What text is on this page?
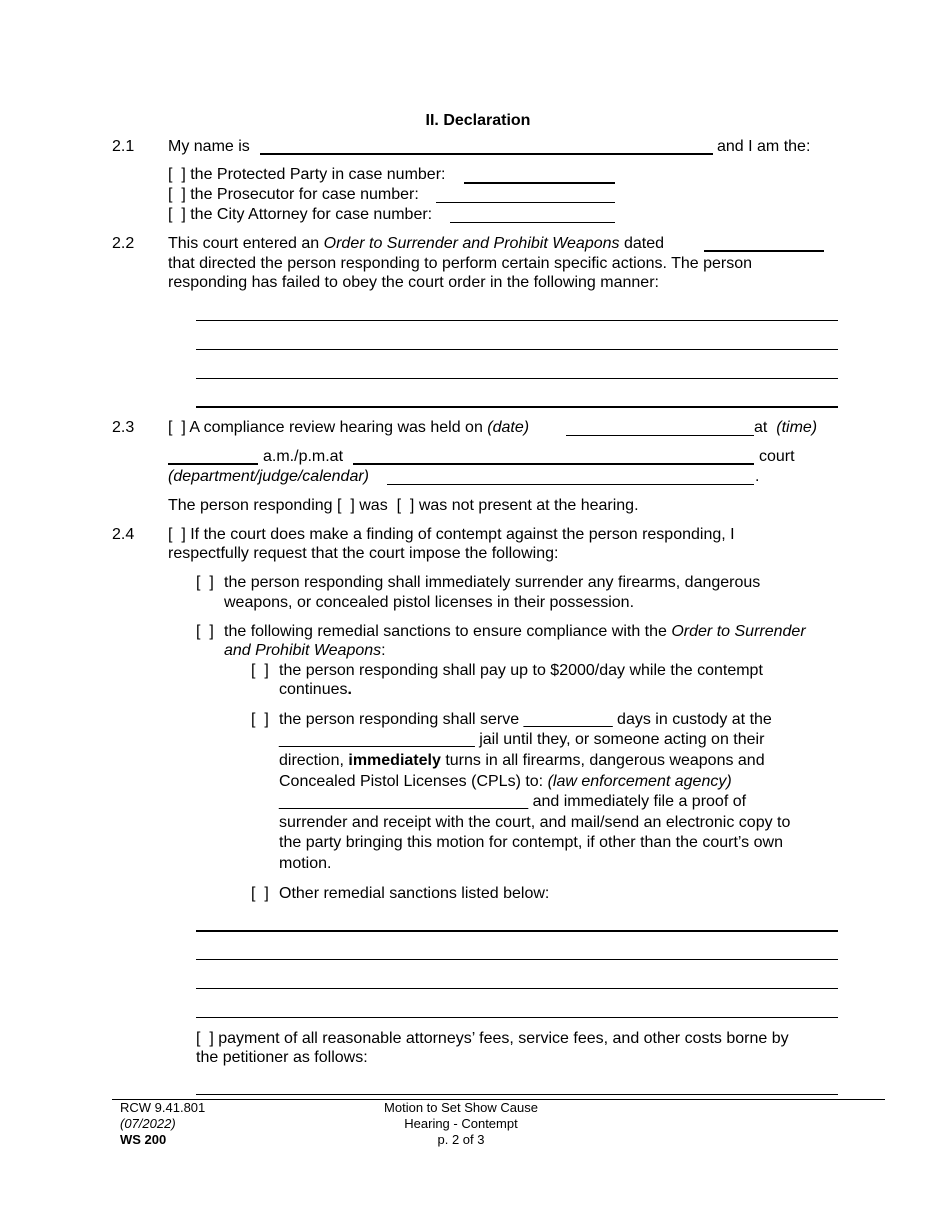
II. Declaration
2.1 My name is	and I am the:
[  ] the Protected Party in case number:
[  ] the Prosecutor for case number:
[  ] the City Attorney for case number:
2.2 This court entered an Order to Surrender and Prohibit Weapons dated
that directed the person responding to perform certain specific actions. The person
responding has failed to obey the court order in the following manner:
2.3 [  ] A compliance review hearing was held on (date)	at (time)
a.m./p.m.at	court
(department/judge/calendar)	.
The person responding [  ] was [  ] was not present at the hearing.
2.4 [  ] If the court does make a finding of contempt against the person responding, I
respectfully request that the court impose the following:
[  ] the person responding shall immediately surrender any firearms, dangerous
weapons, or concealed pistol licenses in their possession.
[  ] the following remedial sanctions to ensure compliance with the Order to Surrender
and Prohibit Weapons:
[  ] the person responding shall pay up to $2000/day while the contempt
continues.
[  ] the person responding shall serve __________ days in custody at the
______________________ jail until they, or someone acting on their
direction, immediately turns in all firearms, dangerous weapons and
Concealed Pistol Licenses (CPLs) to: (law enforcement agency)
____________________________ and immediately file a proof of
surrender and receipt with the court, and mail/send an electronic copy to
the party bringing this motion for contempt, if other than the court’s own
motion.
[  ] Other remedial sanctions listed below:
[  ] payment of all reasonable attorneys’ fees, service fees, and other costs borne by
the petitioner as follows:
RCW 9.41.801
(07/2022)
WS 200
Motion to Set Show Cause
Hearing - Contempt
p. 2 of 3
